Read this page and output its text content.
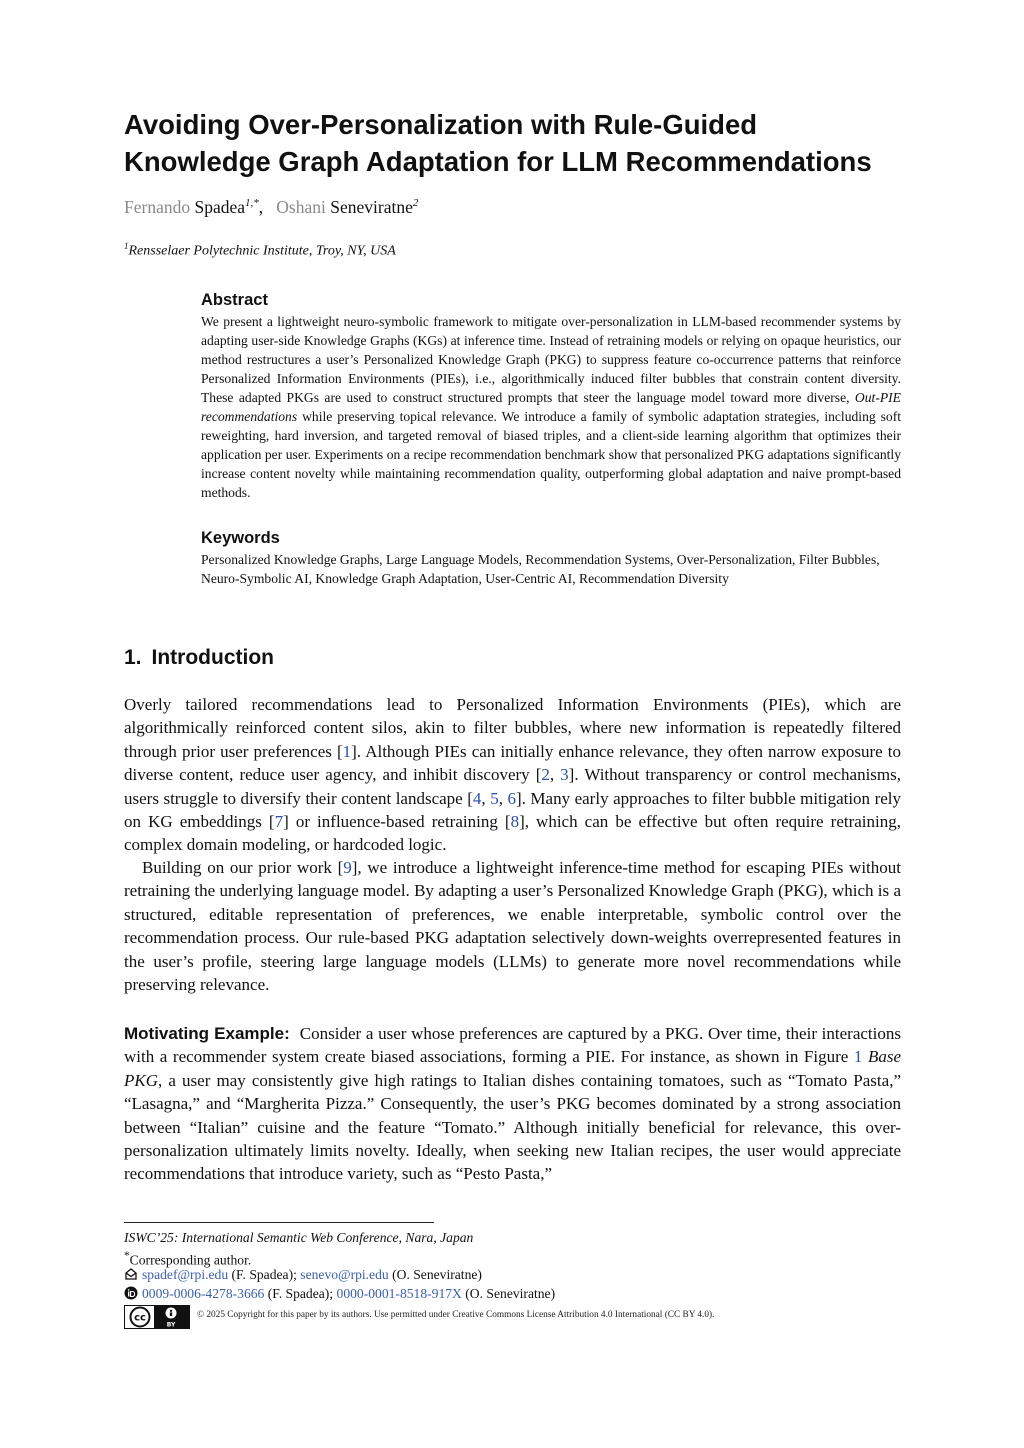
Avoiding Over-Personalization with Rule-Guided
Knowledge Graph Adaptation for LLM Recommendations
Fernando Spadea$^{1,*}$,   Oshani Seneviratne$^2$
$^1$Rensselaer Polytechnic Institute, Troy, NY, USA
Abstract

We present a lightweight neuro-symbolic framework to mitigate over-personalization in LLM-based recommender systems by adapting user-side Knowledge Graphs (KGs) at inference time. Instead of retraining models or relying on opaque heuristics, our method restructures a user’s Personalized Knowledge Graph (PKG) to suppress feature co-occurrence patterns that reinforce Personalized Information Environments (PIEs), i.e., algorithmically induced filter bubbles that constrain content diversity. These adapted PKGs are used to construct structured prompts that steer the language model toward more diverse, Out-PIE recommendations while preserving topical relevance. We introduce a family of symbolic adaptation strategies, including soft reweighting, hard inversion, and targeted removal of biased triples, and a client-side learning algorithm that optimizes their application per user. Experiments on a recipe recommendation benchmark show that personalized PKG adaptations significantly increase content novelty while maintaining recommendation quality, outperforming global adaptation and naive prompt-based methods.

Keywords

Personalized Knowledge Graphs, Large Language Models, Recommendation Systems, Over-Personalization, Filter Bubbles, Neuro-Symbolic AI, Knowledge Graph Adaptation, User-Centric AI, Recommendation Diversity

1. Introduction

Overly tailored recommendations lead to Personalized Information Environments (PIEs), which are algorithmically reinforced content silos, akin to filter bubbles, where new information is repeatedly filtered through prior user preferences [1]. Although PIEs can initially enhance relevance, they often narrow exposure to diverse content, reduce user agency, and inhibit discovery [2, 3]. Without transparency or control mechanisms, users struggle to diversify their content landscape [4, 5, 6]. Many early approaches to filter bubble mitigation rely on KG embeddings [7] or influence-based retraining [8], which can be effective but often require retraining, complex domain modeling, or hardcoded logic.

Building on our prior work [9], we introduce a lightweight inference-time method for escaping PIEs without retraining the underlying language model. By adapting a user’s Personalized Knowledge Graph (PKG), which is a structured, editable representation of preferences, we enable interpretable, symbolic control over the recommendation process. Our rule-based PKG adaptation selectively down-weights overrepresented features in the user’s profile, steering large language models (LLMs) to generate more novel recommendations while preserving relevance.

Motivating Example: Consider a user whose preferences are captured by a PKG. Over time, their interactions with a recommender system create biased associations, forming a PIE. For instance, as shown in Figure 1 Base PKG, a user may consistently give high ratings to Italian dishes containing tomatoes, such as “Tomato Pasta,” “Lasagna,” and “Margherita Pizza.” Consequently, the user’s PKG becomes dominated by a strong association between “Italian” cuisine and the feature “Tomato.” Although initially beneficial for relevance, this over-personalization ultimately limits novelty. Ideally, when seeking new Italian recipes, the user would appreciate recommendations that introduce variety, such as “Pesto Pasta,”

ISWC’25: International Semantic Web Conference, Nara, Japan
*Corresponding author.
spadef@rpi.edu (F. Spadea); senevo@rpi.edu (O. Seneviratne)
0009-0006-4278-3666 (F. Spadea); 0000-0001-8518-917X (O. Seneviratne)
cc
BY
© 2025 Copyright for this paper by its authors. Use permitted under Creative Commons License Attribution 4.0 International (CC BY 4.0).
